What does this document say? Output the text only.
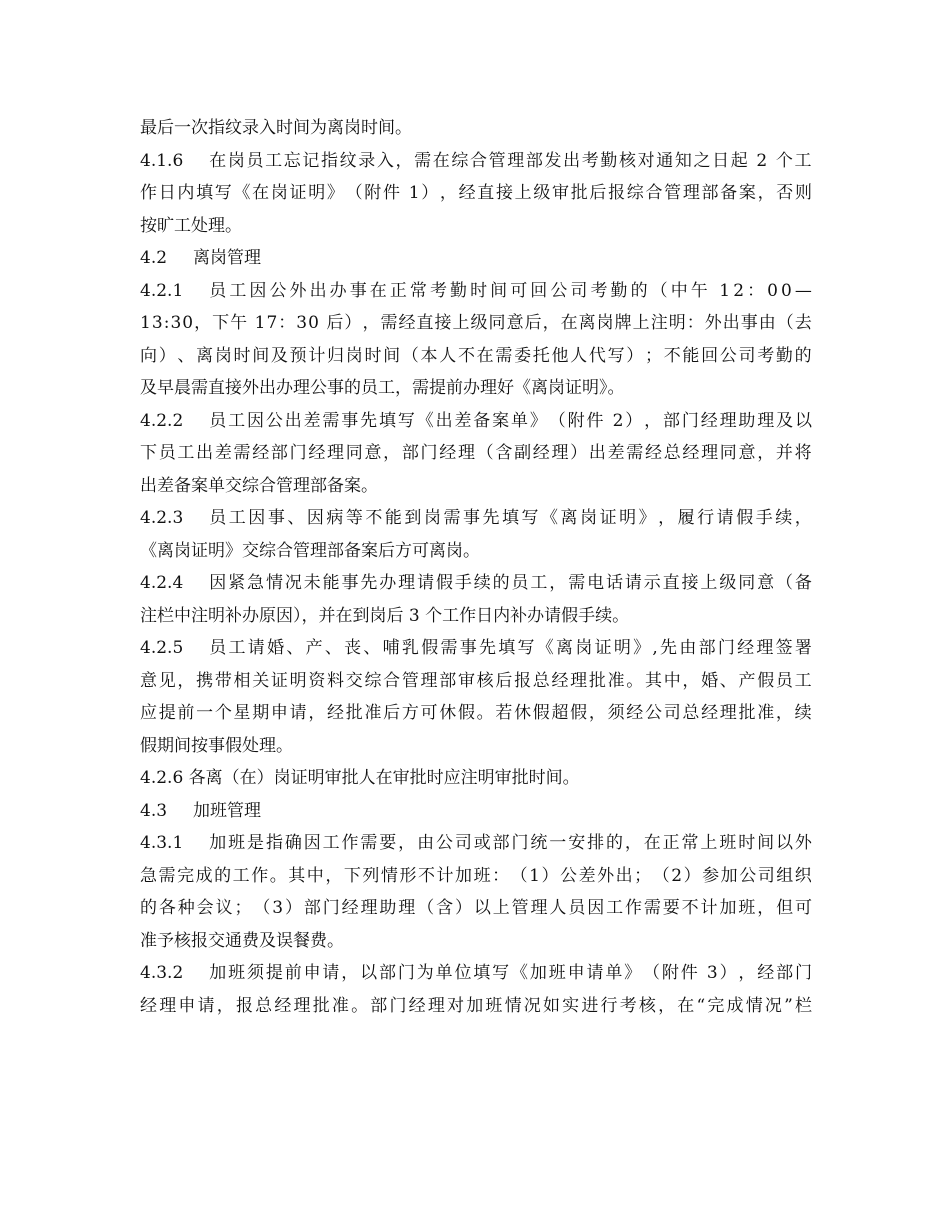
最后一次指纹录入时间为离岗时间。
4.1.6 在 岗 员 工 忘 记 指 纹 录 入 ， 需 在 综 合 管 理 部 发 出 考 勤 核 对 通 知 之 日 起
2
个 工
作 日 内 填 写 《 在 岗 证 明 》 （ 附 件
1 ） ， 经 直 接 上 级 审 批 后 报 综 合 管 理 部 备 案 ， 否 则
按旷工处理。
4.2 离岗管理
4.2.1 员 工 因 公 外 出 办 事 在 正 常 考 勤 时 间 可 回 公 司 考 勤 的 （ 中 午
1 2 ： 0 0 —
1 3 : 3 0 ， 下 午
1 7 ： 3 0
后 ） ， 需 经 直 接 上 级 同 意 后 ， 在 离 岗 牌 上 注 明 ： 外 出 事 由 （ 去
向 ） 、 离 岗 时 间 及 预 计 归 岗 时 间 （ 本 人 不 在 需 委 托 他 人 代 写 ） ； 不 能 回 公 司 考 勤 的
及早晨需直接外出办理公事的员工，需提前办理好《离岗证明》。
4.2.2 员 工 因 公 出 差 需 事 先 填 写 《 出 差 备 案 单 》 （ 附 件
2 ） ， 部 门 经 理 助 理 及 以
下 员 工 出 差 需 经 部 门 经 理 同 意 ， 部 门 经 理 （ 含 副 经 理 ） 出 差 需 经 总 经 理 同 意 ， 并 将
出差备案单交综合管理部备案。
4.2.3 员 工 因 事 、 因 病 等 不 能 到 岗 需 事 先 填 写 《 离 岗 证 明 》 ， 履 行 请 假 手 续 ，
《离岗证明》交综合管理部备案后方可离岗。
4.2.4 因 紧 急 情 况 未 能 事 先 办 理 请 假 手 续 的 员 工 ， 需 电 话 请 示 直 接 上 级 同 意 （ 备
注栏中注明补办原因），并在到岗后 3 个工作日内补办请假手续。
4.2.5 员 工 请 婚 、 产 、 丧 、 哺 乳 假 需 事 先 填 写 《 离 岗 证 明 》 , 先 由 部 门 经 理 签 署
意 见 ， 携 带 相 关 证 明 资 料 交 综 合 管 理 部 审 核 后 报 总 经 理 批 准 。 其 中 ， 婚 、 产 假 员 工
应 提 前 一 个 星 期 申 请 ， 经 批 准 后 方 可 休 假 。 若 休 假 超 假 ， 须 经 公 司 总 经 理 批 准 ， 续
假期间按事假处理。
4.2.6 各离（在）岗证明审批人在审批时应注明审批时间。
4.3 加班管理
4.3.1 加 班 是 指 确 因 工 作 需 要 ， 由 公 司 或 部 门 统 一 安 排 的 ， 在 正 常 上 班 时 间 以 外
急 需 完 成 的 工 作 。 其 中 ， 下 列 情 形 不 计 加 班 ： （ 1 ） 公 差 外 出 ； （ 2 ） 参 加 公 司 组 织
的 各 种 会 议 ； （ 3 ） 部 门 经 理 助 理 （ 含 ） 以 上 管 理 人 员 因 工 作 需 要 不 计 加 班 ， 但 可
准予核报交通费及误餐费。
4.3.2 加 班 须 提 前 申 请 ， 以 部 门 为 单 位 填 写 《 加 班 申 请 单 》 （ 附 件
3 ） ， 经 部 门
经 理 申 请 ， 报 总 经 理 批 准 。 部 门 经 理 对 加 班 情 况 如 实 进 行 考 核 ， 在 “ 完 成 情 况 ” 栏
